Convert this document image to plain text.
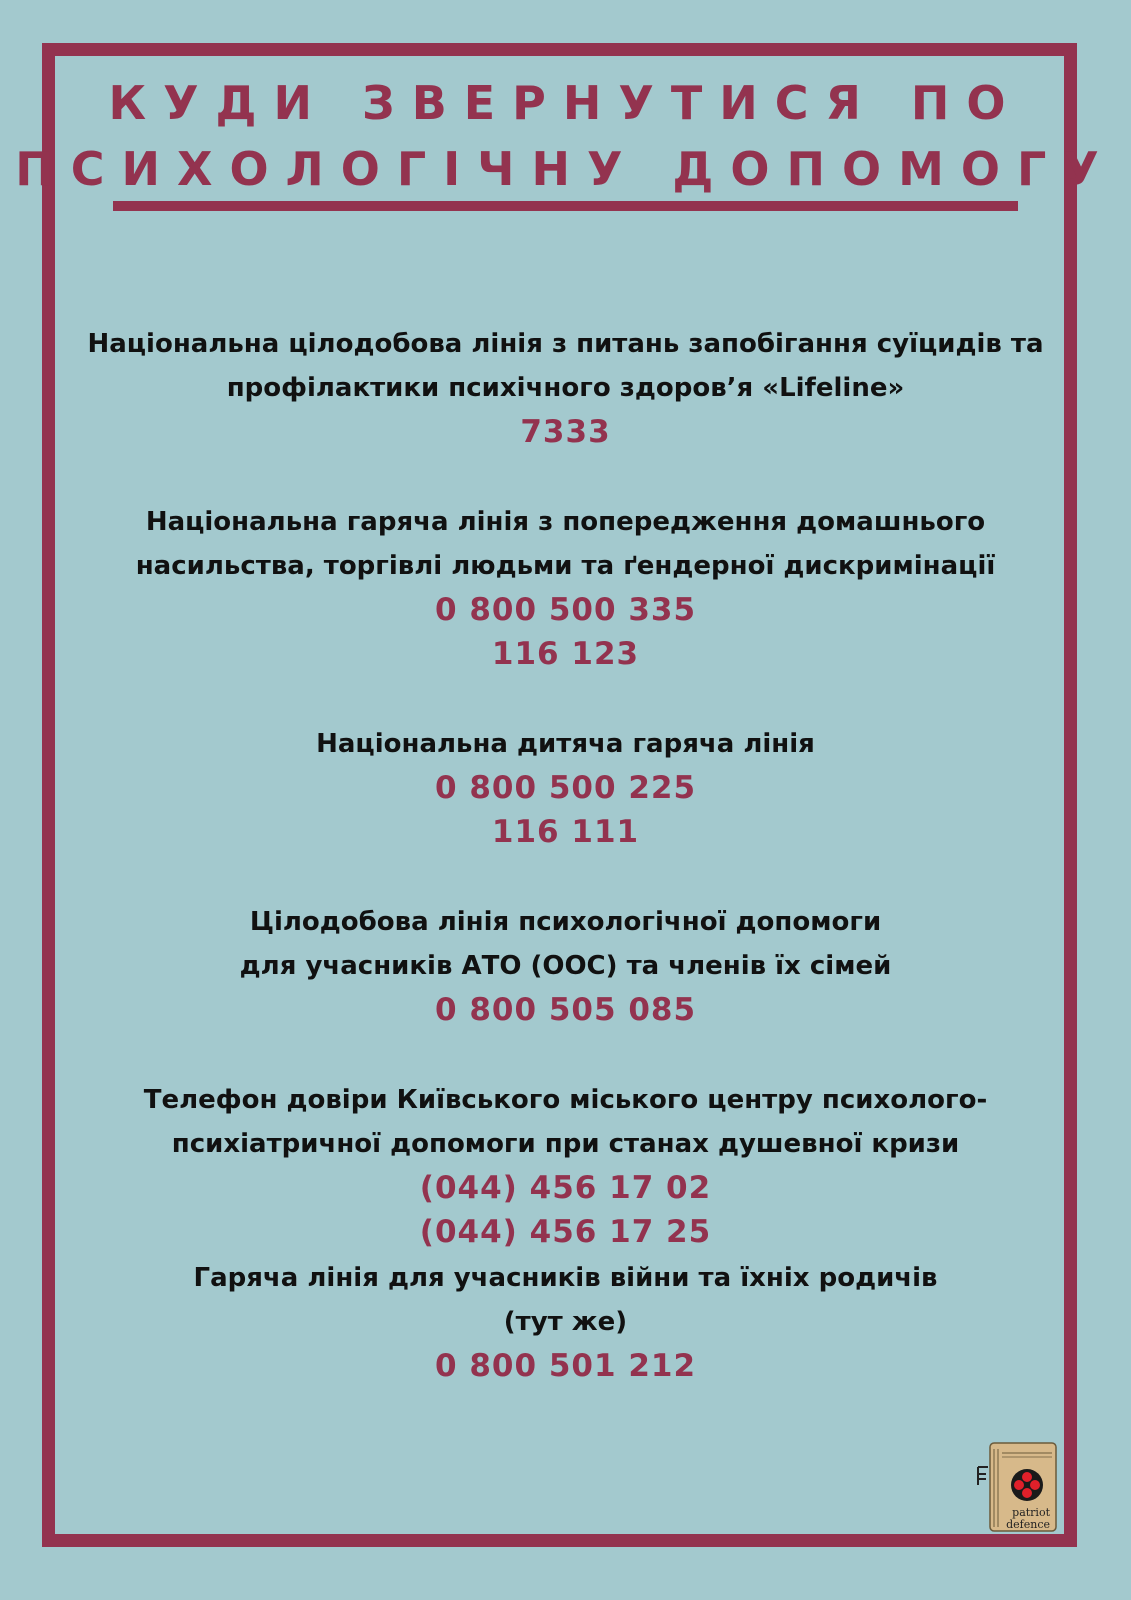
КУДИ ЗВЕРНУТИСЯ ПО
ПСИХОЛОГІЧНУ ДОПОМОГУ
Національна цілодобова лінія з питань запобігання суїцидів та
профілактики психічного здоров’я «Lifeline»
7333
Національна гаряча лінія з попередження домашнього
насильства, торгівлі людьми та ґендерної дискримінації
0 800 500 335
116 123
Національна дитяча гаряча лінія
0 800 500 225
116 111
Цілодобова лінія психологічної допомоги
для учасників АТО (ООС) та членів їх сімей
0 800 505 085
Телефон довіри Київського міського центру психолого-
психіатричної допомоги при станах душевної кризи
(044) 456 17 02
(044) 456 17 25
Гаряча лінія для учасників війни та їхніх родичів
(тут же)
0 800 501 212
patriot
defence
